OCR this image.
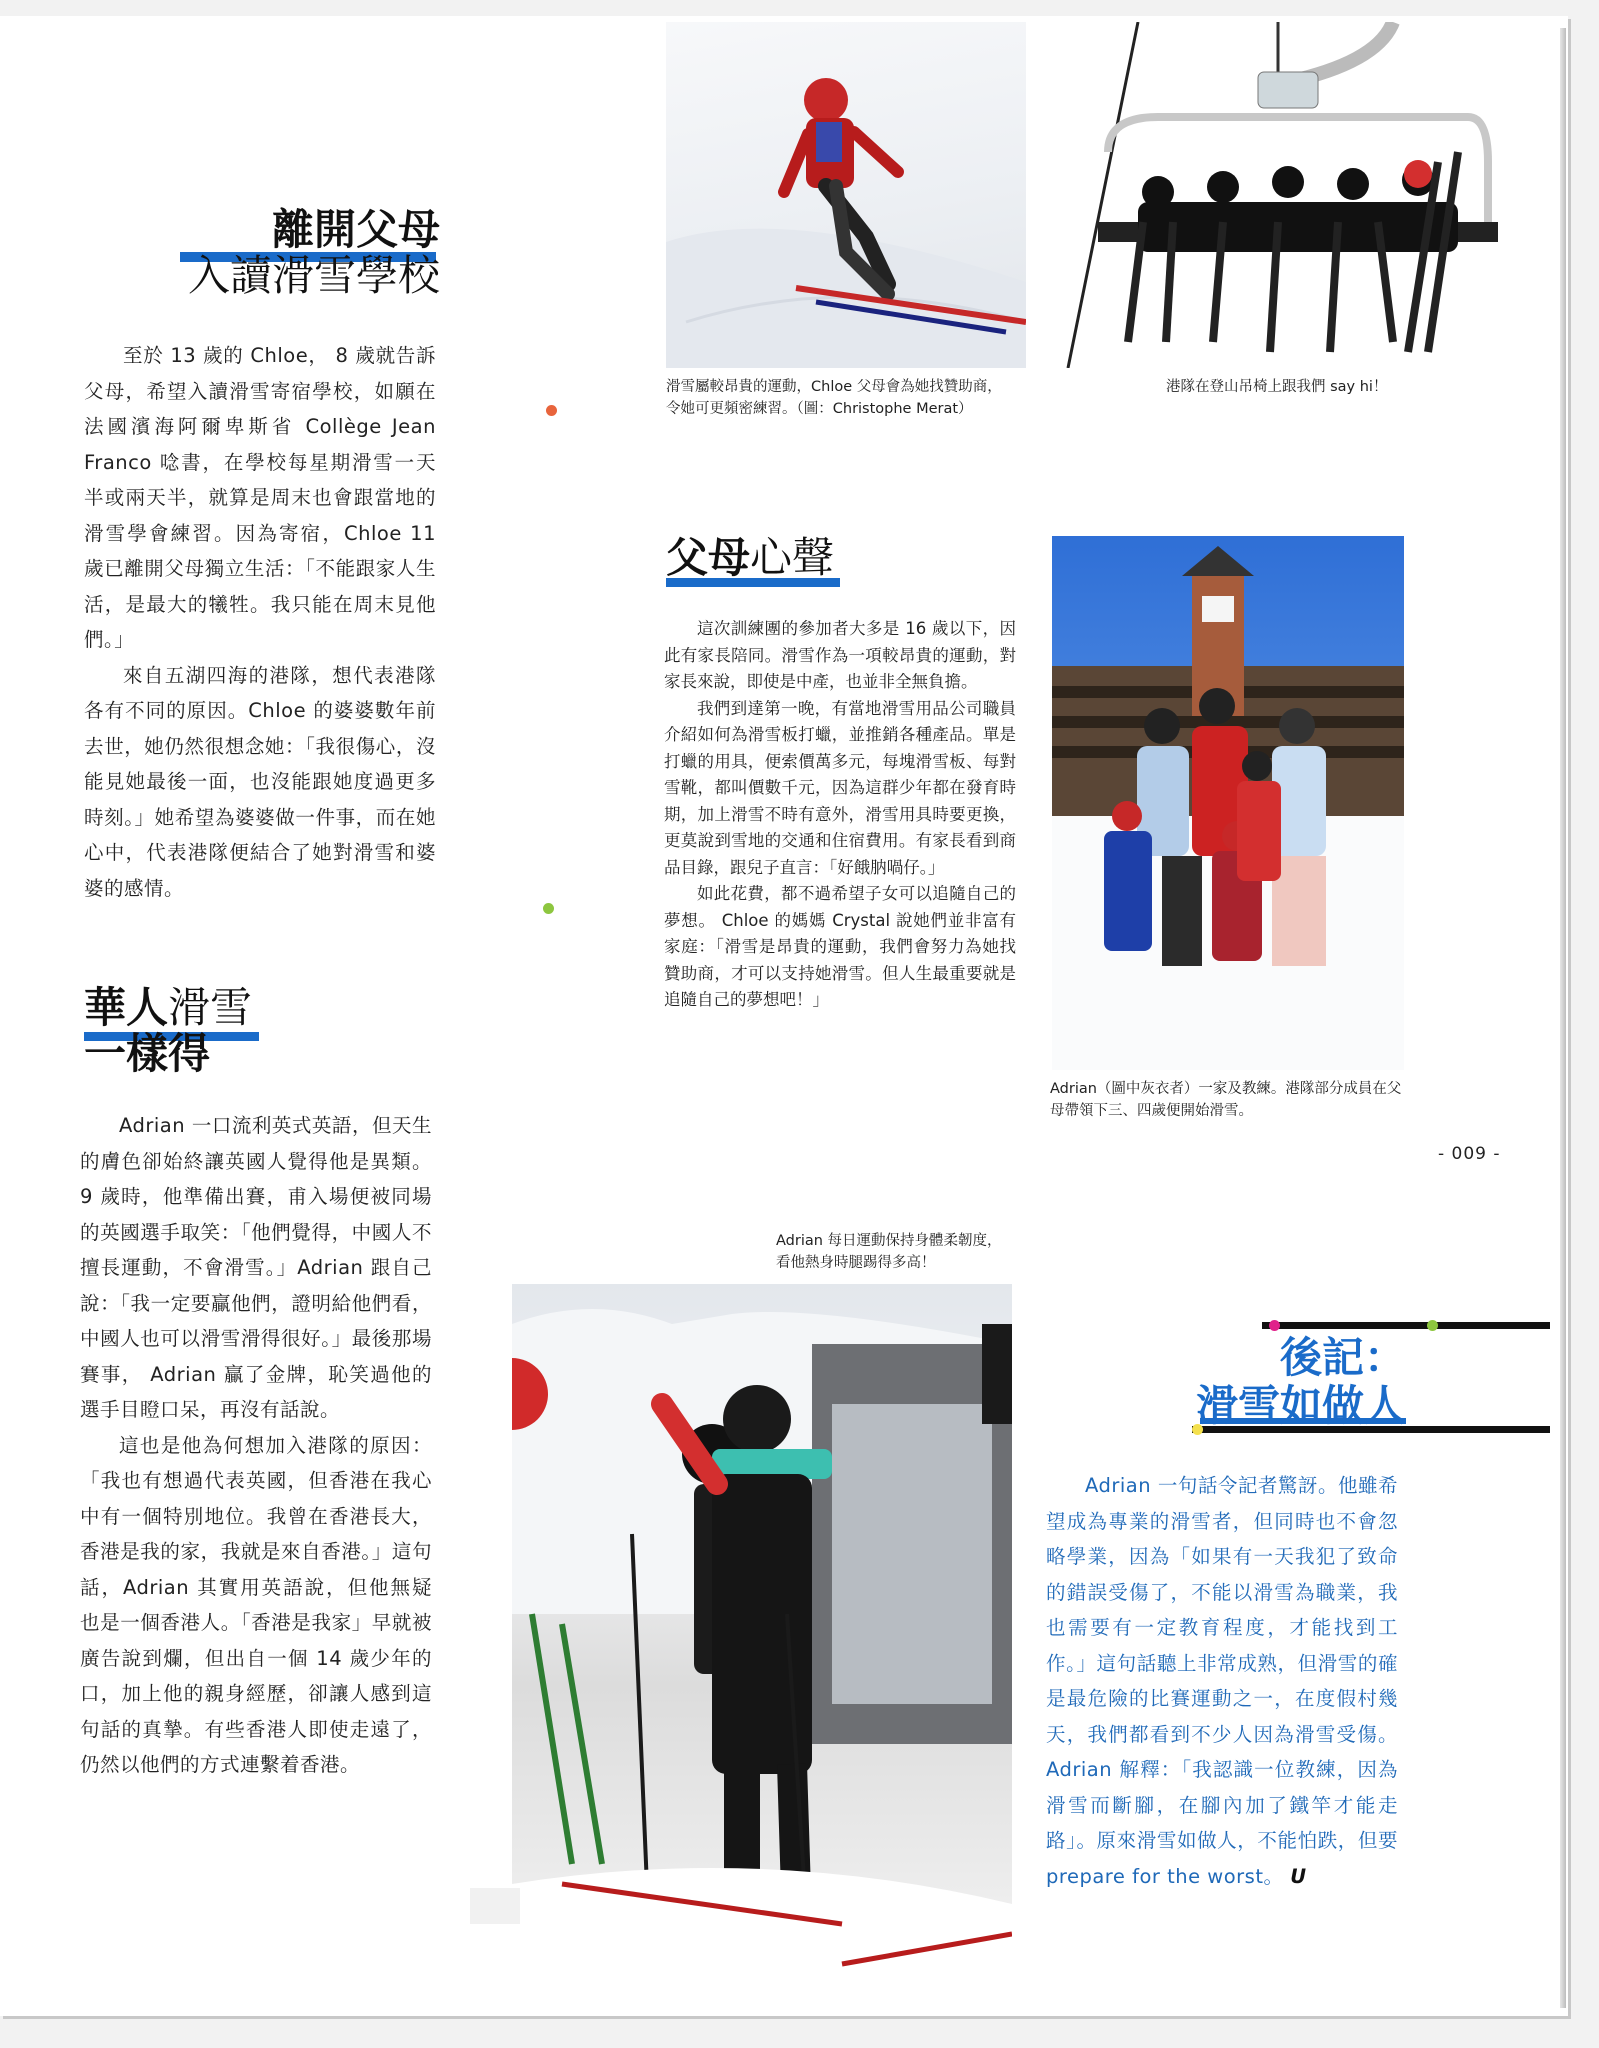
離開父母
入讀滑雪學校

至於 13 歲的 Chloe， 8 歲就告訴父母，希望入讀滑雪寄宿學校，如願在法國濱海阿爾卑斯省 Collège Jean Franco 唸書，在學校每星期滑雪一天半或兩天半，就算是周末也會跟當地的滑雪學會練習。因為寄宿，Chloe 11 歲已離開父母獨立生活：「不能跟家人生活，是最大的犧牲。我只能在周末見他們。」

來自五湖四海的港隊，想代表港隊各有不同的原因。Chloe 的婆婆數年前去世，她仍然很想念她：「我很傷心，沒能見她最後一面，也沒能跟她度過更多時刻。」她希望為婆婆做一件事，而在她心中，代表港隊便結合了她對滑雪和婆婆的感情。

華人滑雪
一樣得

Adrian 一口流利英式英語，但天生的膚色卻始終讓英國人覺得他是異類。9 歲時，他準備出賽，甫入場便被同場的英國選手取笑：「他們覺得，中國人不擅長運動，不會滑雪。」Adrian 跟自己說：「我一定要贏他們，證明給他們看，中國人也可以滑雪滑得很好。」最後那場賽事， Adrian 贏了金牌，恥笑過他的選手目瞪口呆，再沒有話說。

這也是他為何想加入港隊的原因：「我也有想過代表英國，但香港在我心中有一個特別地位。我曾在香港長大，香港是我的家，我就是來自香港。」這句話，Adrian 其實用英語說，但他無疑也是一個香港人。「香港是我家」早就被廣告說到爛，但出自一個 14 歲少年的口，加上他的親身經歷，卻讓人感到這句話的真摯。有些香港人即使走遠了，仍然以他們的方式連繫着香港。

滑雪屬較昂貴的運動，Chloe 父母會為她找贊助商，令她可更頻密練習。（圖：Christophe Merat）

港隊在登山吊椅上跟我們 say hi！

父母心聲

這次訓練團的參加者大多是 16 歲以下，因此有家長陪同。滑雪作為一項較昂貴的運動，對家長來說，即使是中產，也並非全無負擔。

我們到達第一晚，有當地滑雪用品公司職員介紹如何為滑雪板打蠟，並推銷各種產品。單是打蠟的用具，便索價萬多元，每塊滑雪板、每對雪靴，都叫價數千元，因為這群少年都在發育時期，加上滑雪不時有意外，滑雪用具時要更換，更莫說到雪地的交通和住宿費用。有家長看到商品目錄，跟兒子直言：「好餓肭喎仔。」

如此花費，都不過希望子女可以追隨自己的夢想。 Chloe 的媽媽 Crystal 說她們並非富有家庭：「滑雪是昂貴的運動，我們會努力為她找贊助商，才可以支持她滑雪。但人生最重要就是追隨自己的夢想吧！」

Adrian（圖中灰衣者）一家及教練。港隊部分成員在父母帶領下三、四歲便開始滑雪。

- 009 -

Adrian 每日運動保持身體柔韌度，看他熱身時腿踢得多高！

後記：
滑雪如做人

Adrian 一句話令記者驚訝。他雖希望成為專業的滑雪者，但同時也不會忽略學業，因為「如果有一天我犯了致命的錯誤受傷了，不能以滑雪為職業，我也需要有一定教育程度，才能找到工作。」這句話聽上非常成熟，但滑雪的確是最危險的比賽運動之一，在度假村幾天，我們都看到不少人因為滑雪受傷。Adrian 解釋：「我認識一位教練，因為滑雪而斷腳，在腳內加了鐵竿才能走路」。原來滑雪如做人，不能怕跌，但要 prepare for the worst。 U
